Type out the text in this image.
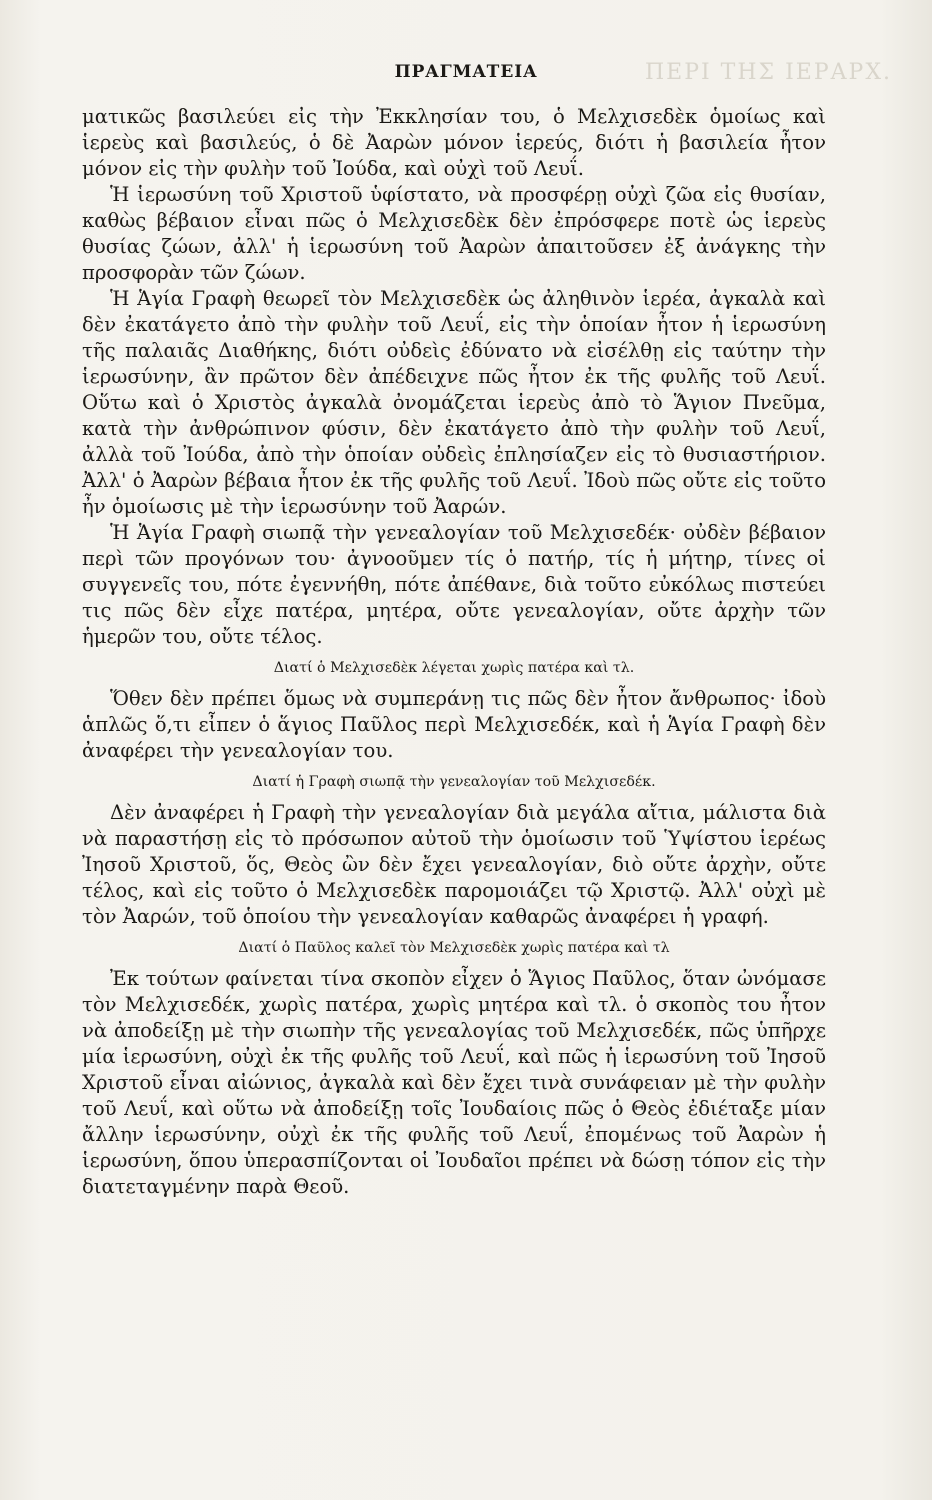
ΠΕΡΙ ΤΗΣ ΙΕΡΑΡΧ.
ΠΡΑΓΜΑΤΕΙΑ

ματικῶς βασιλεύει εἰς τὴν Ἐκκλησίαν του, ὁ Μελχισεδὲκ ὁμοίως καὶ ἱερεὺς καὶ βασιλεύς, ὁ δὲ Ἀαρὼν μόνον ἱερεύς, διότι ἡ βασιλεία ἦτον μόνον εἰς τὴν φυλὴν τοῦ Ἰούδα, καὶ οὐχὶ τοῦ Λευΐ.

Ἡ ἱερωσύνη τοῦ Χριστοῦ ὑφίστατο, νὰ προσφέρῃ οὐχὶ ζῶα εἰς θυσίαν, καθὼς βέβαιον εἶναι πῶς ὁ Μελχισεδὲκ δὲν ἐπρόσφερε ποτὲ ὡς ἱερεὺς θυσίας ζώων, ἀλλ' ἡ ἱερωσύνη τοῦ Ἀαρὼν ἀπαιτοῦσεν ἐξ ἀνάγκης τὴν προσφορὰν τῶν ζώων.

Ἡ Ἁγία Γραφὴ θεωρεῖ τὸν Μελχισεδὲκ ὡς ἀληθινὸν ἱερέα, ἀγκαλὰ καὶ δὲν ἐκατάγετο ἀπὸ τὴν φυλὴν τοῦ Λευΐ, εἰς τὴν ὁποίαν ἦτον ἡ ἱερωσύνη τῆς παλαιᾶς Διαθήκης, διότι οὐδεὶς ἐδύνατο νὰ εἰσέλθῃ εἰς ταύτην τὴν ἱερωσύνην, ἂν πρῶτον δὲν ἀπέδειχνε πῶς ἦτον ἐκ τῆς φυλῆς τοῦ Λευΐ. Οὕτω καὶ ὁ Χριστὸς ἀγκαλὰ ὀνομάζεται ἱερεὺς ἀπὸ τὸ Ἅγιον Πνεῦμα, κατὰ τὴν ἀνθρώπινον φύσιν, δὲν ἐκατάγετο ἀπὸ τὴν φυλὴν τοῦ Λευΐ, ἀλλὰ τοῦ Ἰούδα, ἀπὸ τὴν ὁποίαν οὐδεὶς ἐπλησίαζεν εἰς τὸ θυσιαστήριον. Ἀλλ' ὁ Ἀαρὼν βέβαια ἦτον ἐκ τῆς φυλῆς τοῦ Λευΐ. Ἰδοὺ πῶς οὔτε εἰς τοῦτο ἦν ὁμοίωσις μὲ τὴν ἱερωσύνην τοῦ Ἀαρών.

Ἡ Ἁγία Γραφὴ σιωπᾷ τὴν γενεαλογίαν τοῦ Μελχισεδέκ· οὐδὲν βέβαιον περὶ τῶν προγόνων του· ἀγνοοῦμεν τίς ὁ πατήρ, τίς ἡ μήτηρ, τίνες οἱ συγγενεῖς του, πότε ἐγεννήθη, πότε ἀπέθανε, διὰ τοῦτο εὐκόλως πιστεύει τις πῶς δὲν εἶχε πατέρα, μητέρα, οὔτε γενεαλογίαν, οὔτε ἀρχὴν τῶν ἡμερῶν του, οὔτε τέλος.

Διατί ὁ Μελχισεδὲκ λέγεται χωρὶς πατέρα καὶ τλ.

Ὅθεν δὲν πρέπει ὅμως νὰ συμπεράνῃ τις πῶς δὲν ἦτον ἄνθρωπος· ἰδοὺ ἁπλῶς ὅ,τι εἶπεν ὁ ἅγιος Παῦλος περὶ Μελχισεδέκ, καὶ ἡ Ἁγία Γραφὴ δὲν ἀναφέρει τὴν γενεαλογίαν του.

Διατί ἡ Γραφὴ σιωπᾷ τὴν γενεαλογίαν τοῦ Μελχισεδέκ.

Δὲν ἀναφέρει ἡ Γραφὴ τὴν γενεαλογίαν διὰ μεγάλα αἴτια, μάλιστα διὰ νὰ παραστήσῃ εἰς τὸ πρόσωπον αὐτοῦ τὴν ὁμοίωσιν τοῦ Ὑψίστου ἱερέως Ἰησοῦ Χριστοῦ, ὅς, Θεὸς ὢν δὲν ἔχει γενεαλογίαν, διὸ οὔτε ἀρχὴν, οὔτε τέλος, καὶ εἰς τοῦτο ὁ Μελχισεδὲκ παρομοιάζει τῷ Χριστῷ. Ἀλλ' οὐχὶ μὲ τὸν Ἀαρών, τοῦ ὁποίου τὴν γενεαλογίαν καθαρῶς ἀναφέρει ἡ γραφή.

Διατί ὁ Παῦλος καλεῖ τὸν Μελχισεδὲκ χωρὶς πατέρα καὶ τλ

Ἐκ τούτων φαίνεται τίνα σκοπὸν εἶχεν ὁ Ἅγιος Παῦλος, ὅταν ὠνόμασε τὸν Μελχισεδέκ, χωρὶς πατέρα, χωρὶς μητέρα καὶ τλ. ὁ σκοπὸς του ἦτον νὰ ἀποδείξῃ μὲ τὴν σιωπὴν τῆς γενεαλογίας τοῦ Μελχισεδέκ, πῶς ὑπῆρχε μία ἱερωσύνη, οὐχὶ ἐκ τῆς φυλῆς τοῦ Λευΐ, καὶ πῶς ἡ ἱερωσύνη τοῦ Ἰησοῦ Χριστοῦ εἶναι αἰώνιος, ἀγκαλὰ καὶ δὲν ἔχει τινὰ συνάφειαν μὲ τὴν φυλὴν τοῦ Λευΐ, καὶ οὕτω νὰ ἀποδείξῃ τοῖς Ἰουδαίοις πῶς ὁ Θεὸς ἐδιέταξε μίαν ἄλλην ἱερωσύνην, οὐχὶ ἐκ τῆς φυλῆς τοῦ Λευΐ, ἐπομένως τοῦ Ἀαρὼν ἡ ἱερωσύνη, ὅπου ὑπερασπίζονται οἱ Ἰουδαῖοι πρέπει νὰ δώσῃ τόπον εἰς τὴν διατεταγμένην παρὰ Θεοῦ.
